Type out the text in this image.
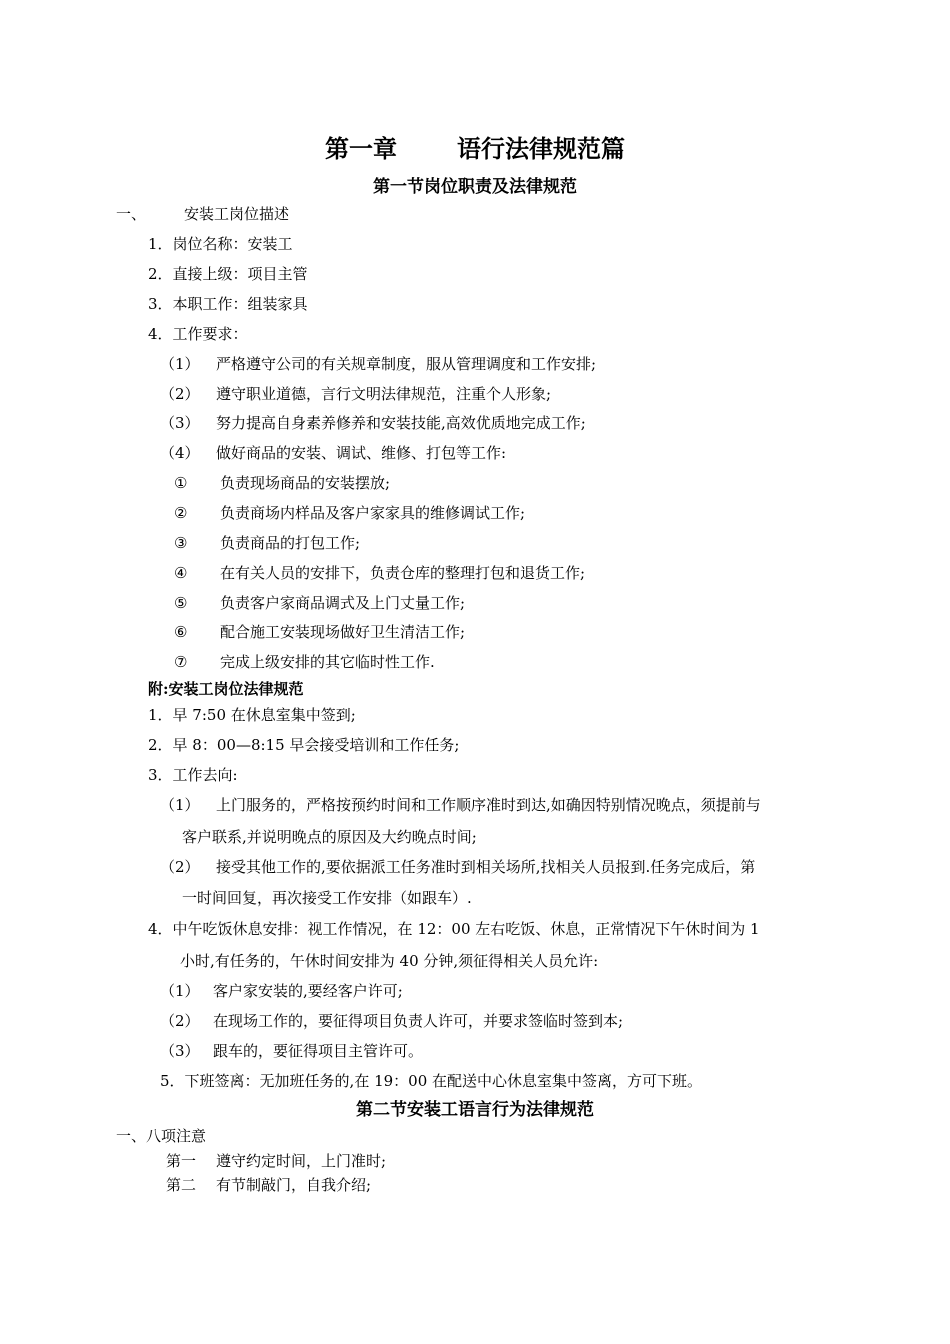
第一章	语行法律规范篇
第一节岗位职责及法律规范
一、	安装工岗位描述
1．岗位名称：安装工
2．直接上级：项目主管
3．本职工作：组装家具
4．工作要求：
（1） 严格遵守公司的有关规章制度，服从管理调度和工作安排;
（2） 遵守职业道德，言行文明法律规范，注重个人形象;
（3） 努力提高自身素养修养和安装技能,高效优质地完成工作;
（4） 做好商品的安装、调试、维修、打包等工作:
① 负责现场商品的安装摆放;
② 负责商场内样品及客户家家具的维修调试工作;
③ 负责商品的打包工作;
④ 在有关人员的安排下，负责仓库的整理打包和退货工作;
⑤ 负责客户家商品调式及上门丈量工作;
⑥ 配合施工安装现场做好卫生清洁工作;
⑦ 完成上级安排的其它临时性工作.
附:安装工岗位法律规范
1．早 7:50 在休息室集中签到;
2．早 8：00—8:15 早会接受培训和工作任务;
3．工作去向:
（1） 上门服务的，严格按预约时间和工作顺序准时到达,如确因特别情况晚点，须提前与
客户联系,并说明晚点的原因及大约晚点时间;
（2） 接受其他工作的,要依据派工任务准时到相关场所,找相关人员报到.任务完成后，第
一时间回复，再次接受工作安排（如跟车）.
4．中午吃饭休息安排：视工作情况，在 12：00 左右吃饭、休息，正常情况下午休时间为 1
小时,有任务的，午休时间安排为 40 分钟,须征得相关人员允许:
（1） 客户家安装的,要经客户许可;
（2） 在现场工作的，要征得项目负责人许可，并要求签临时签到本;
（3） 跟车的，要征得项目主管许可。
5．下班签离：无加班任务的,在 19：00 在配送中心休息室集中签离，方可下班。
第二节安装工语言行为法律规范
一、八项注意
第一 遵守约定时间，上门准时;
第二 有节制敲门，自我介绍;
